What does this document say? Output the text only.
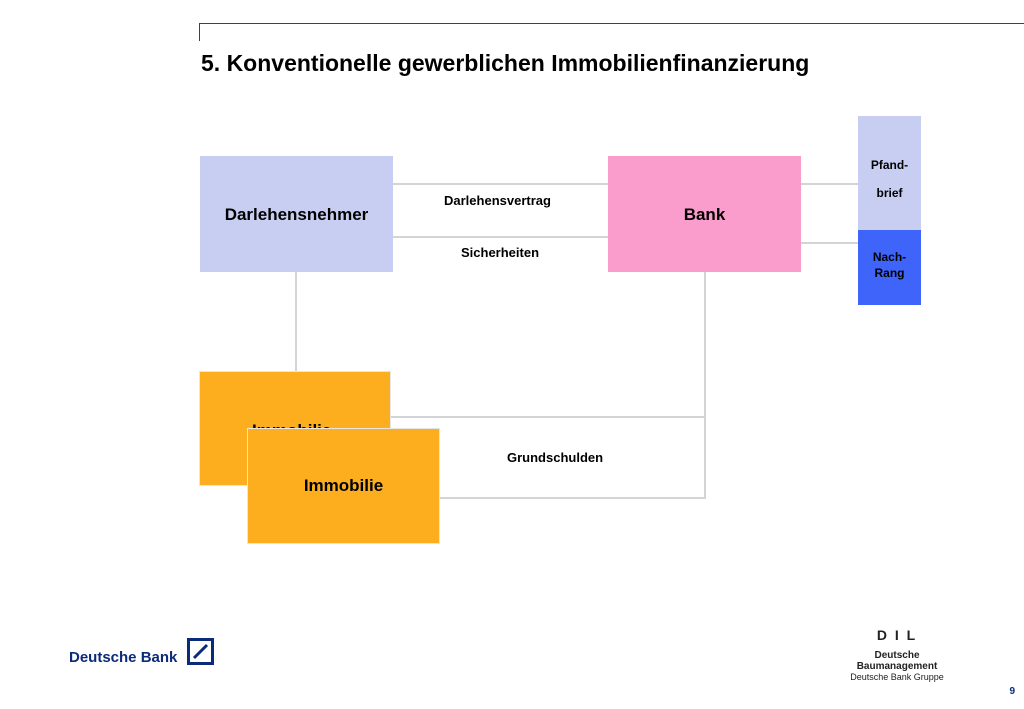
5. Konventionelle gewerblichen Immobilienfinanzierung
Darlehensvertrag
Sicherheiten
Grundschulden
Darlehensnehmer	Bank
Pfand-
brief
Nach-
Rang
Immobilie
Deutsche Bank
D I L
Deutsche Baumanagement
Deutsche Bank Gruppe
9
